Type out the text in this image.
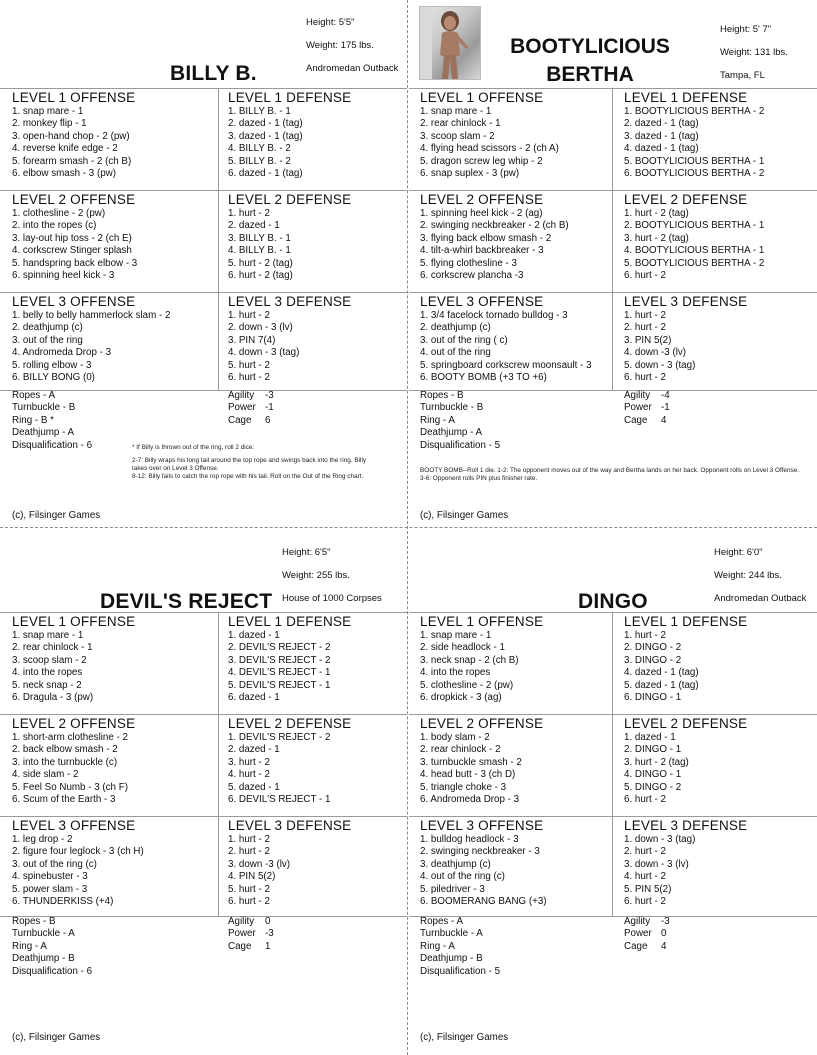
Height: 5'5"

Weight: 175 lbs.

Andromedan Outback

BILLY B.
LEVEL 1 OFFENSE
1. snap mare - 1
2. monkey flip - 1
3. open-hand chop - 2 (pw)
4. reverse knife edge - 2
5. forearm smash - 2 (ch B)
6. elbow smash - 3 (pw)
LEVEL 1 DEFENSE
1. BILLY B. - 1
2. dazed - 1 (tag)
3. dazed - 1 (tag)
4. BILLY B. - 2
5. BILLY B. - 2
6. dazed - 1 (tag)
LEVEL 2 OFFENSE
1. clothesline - 2 (pw)
2. into the ropes (c)
3. lay-out hip toss - 2 (ch E)
4. corkscrew Stinger splash
5. handspring back elbow - 3
6. spinning heel kick - 3
LEVEL 2 DEFENSE
1. hurt - 2
2. dazed - 1
3. BILLY B. - 1
4. BILLY B. - 1
5. hurt - 2 (tag)
6. hurt - 2 (tag)
LEVEL 3 OFFENSE
1. belly to belly hammerlock slam - 2
2. deathjump (c)
3. out of the ring
4. Andromeda Drop - 3
5. rolling elbow - 3
6. BILLY BONG (0)
LEVEL 3 DEFENSE
1. hurt - 2
2. down - 3 (lv)
3. PIN 7(4)
4. down - 3 (tag)
5. hurt - 2
6. hurt - 2
Ropes - A
Turnbuckle - B
Ring - B *
Deathjump - A
Disqualification - 6
Agility	-3
Power -1
Cage	6

* If Billy is thrown out of the ring, roll 2 dice:

2-7: Billy wraps his long tail around the top rope and swings back into the ring. Billy takes over on Level 3 Offense.
8-12: Billy fails to catch the rop rope with his tail. Roll on the Out of the Ring chart.

(c), Filsinger Games

Height: 5' 7"

Weight: 131 lbs.

Tampa, FL

BOOTYLICIOUS
BERTHA
LEVEL 1 OFFENSE
1. snap mare - 1
2. rear chinlock - 1
3. scoop slam - 2
4. flying head scissors - 2 (ch A)
5. dragon screw leg whip - 2
6. snap suplex - 3 (pw)
LEVEL 1 DEFENSE
1. BOOTYLICIOUS BERTHA - 2
2. dazed - 1 (tag)
3. dazed - 1 (tag)
4. dazed - 1 (tag)
5. BOOTYLICIOUS BERTHA - 1
6. BOOTYLICIOUS BERTHA - 2
LEVEL 2 OFFENSE
1. spinning heel kick - 2 (ag)
2. swinging neckbreaker - 2 (ch B)
3. flying back elbow smash - 2
4. tilt-a-whirl backbreaker - 3
5. flying clothesline - 3
6. corkscrew plancha -3
LEVEL 2 DEFENSE
1. hurt - 2 (tag)
2. BOOTYLICIOUS BERTHA - 1
3. hurt - 2 (tag)
4. BOOTYLICIOUS BERTHA - 1
5. BOOTYLICIOUS BERTHA - 2
6. hurt - 2
LEVEL 3 OFFENSE
1. 3/4 facelock tornado bulldog - 3
2. deathjump (c)
3. out of the ring ( c)
4. out of the ring
5. springboard corkscrew moonsault - 3
6. BOOTY BOMB (+3 TO +6)
LEVEL 3 DEFENSE
1. hurt - 2
2. hurt - 2
3. PIN 5(2)
4. down -3 (lv)
5. down - 3 (tag)
6. hurt - 2
Ropes - B
Turnbuckle - B
Ring - A
Deathjump - A
Disqualification - 5
Agility	-4
Power -1
Cage	4

BOOTY BOMB--Roll 1 die. 1-2: The opponent moves out of the way and Bertha lands on her back. Opponent rolls on Level 3 Offense. 3-6: Opponent rolls PIN plus finisher rate.

(c), Filsinger Games

Height: 6'5"

Weight: 255 lbs.

House of 1000 Corpses

DEVIL'S REJECT
LEVEL 1 OFFENSE
1. snap mare - 1
2. rear chinlock - 1
3. scoop slam - 2
4. into the ropes
5. neck snap - 2
6. Dragula - 3 (pw)
LEVEL 1 DEFENSE
1. dazed - 1
2. DEVIL'S REJECT - 2
3. DEVIL'S REJECT - 2
4. DEVIL'S REJECT - 1
5. DEVIL'S REJECT - 1
6. dazed - 1
LEVEL 2 OFFENSE
1. short-arm clothesline - 2
2. back elbow smash - 2
3. into the turnbuckle (c)
4. side slam - 2
5. Feel So Numb - 3 (ch F)
6. Scum of the Earth - 3
LEVEL 2 DEFENSE
1. DEVIL'S REJECT - 2
2. dazed - 1
3. hurt - 2
4. hurt - 2
5. dazed - 1
6. DEVIL'S REJECT - 1
LEVEL 3 OFFENSE
1. leg drop - 2
2. figure four leglock - 3 (ch H)
3. out of the ring (c)
4. spinebuster - 3
5. power slam - 3
6. THUNDERKISS (+4)
LEVEL 3 DEFENSE
1. hurt - 2
2. hurt - 2
3. down -3 (lv)
4. PIN 5(2)
5. hurt - 2
6. hurt - 2
Ropes - B
Turnbuckle - A
Ring - A
Deathjump - B
Disqualification - 6
Agility	0
Power -3
Cage	1
(c), Filsinger Games

Height: 6'0"

Weight: 244 lbs.

Andromedan Outback

DINGO
LEVEL 1 OFFENSE
1. snap mare - 1
2. side headlock - 1
3. neck snap - 2 (ch B)
4. into the ropes
5. clothesline - 2 (pw)
6. dropkick - 3 (ag)
LEVEL 1 DEFENSE
1. hurt - 2
2. DINGO - 2
3. DINGO - 2
4. dazed - 1 (tag)
5. dazed - 1 (tag)
6. DINGO - 1
LEVEL 2 OFFENSE
1. body slam - 2
2. rear chinlock - 2
3. turnbuckle smash - 2
4. head butt - 3 (ch D)
5. triangle choke - 3
6. Andromeda Drop - 3
LEVEL 2 DEFENSE
1. dazed - 1
2. DINGO - 1
3. hurt - 2 (tag)
4. DINGO - 1
5. DINGO - 2
6. hurt - 2
LEVEL 3 OFFENSE
1. bulldog headlock - 3
2. swinging neckbreaker - 3
3. deathjump (c)
4. out of the ring (c)
5. piledriver - 3
6. BOOMERANG BANG (+3)
LEVEL 3 DEFENSE
1. down - 3 (tag)
2. hurt - 2
3. down - 3 (lv)
4. hurt - 2
5. PIN 5(2)
6. hurt - 2
Ropes - A
Turnbuckle - A
Ring - A
Deathjump - B
Disqualification - 5
Agility	-3
Power 0
Cage	4
(c), Filsinger Games
